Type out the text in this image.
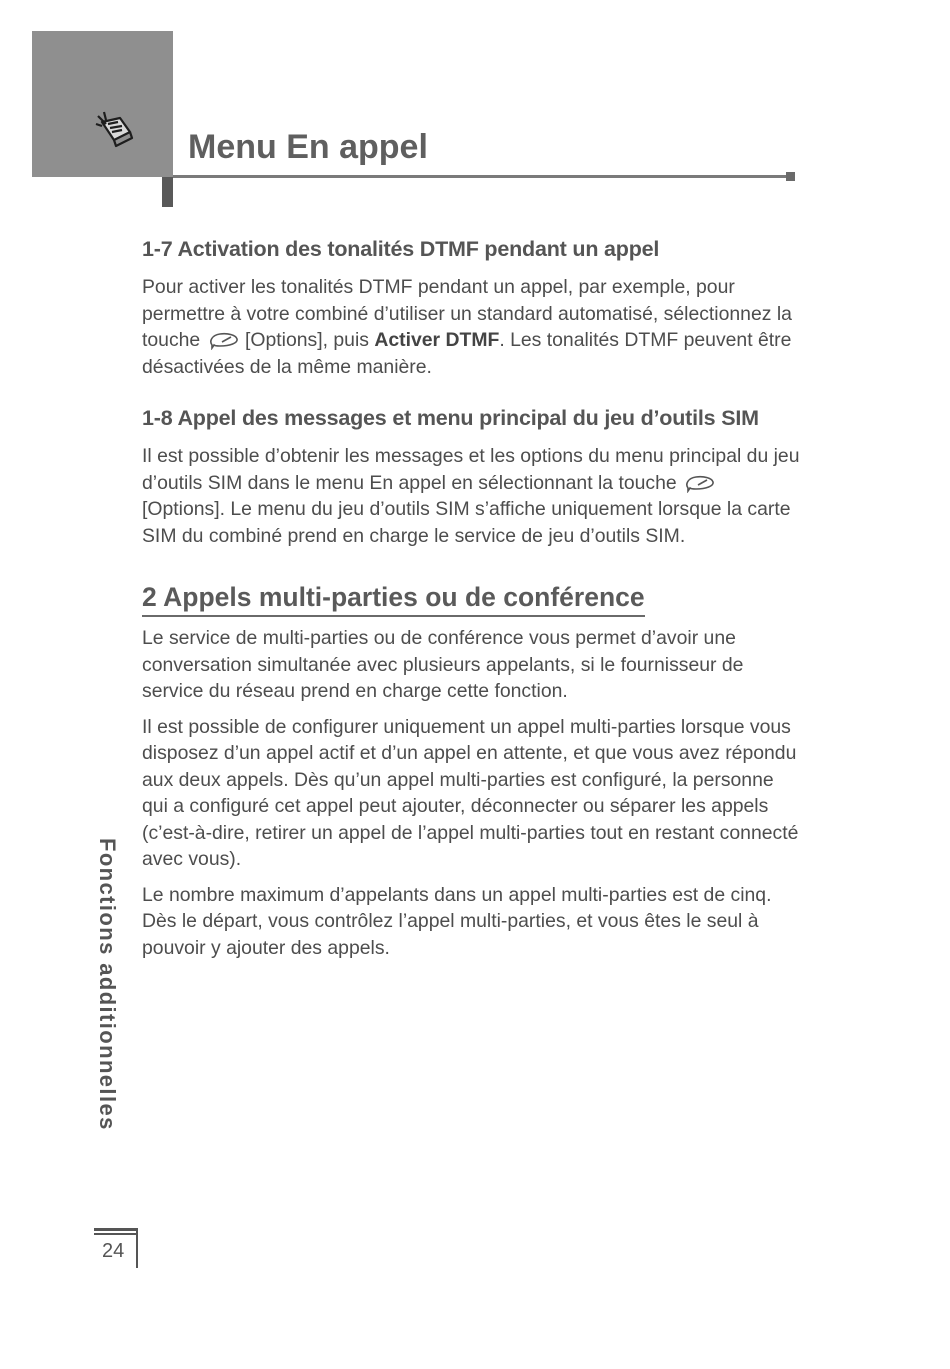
Menu En appel
1-7 Activation des tonalités DTMF pendant un appel

Pour activer les tonalités DTMF pendant un appel, par exemple, pour permettre à votre combiné d’utiliser un standard automatisé, sélectionnez la touche
[Options], puis Activer DTMF. Les tonalités DTMF peuvent être désactivées de la même manière.

1-8 Appel des messages et menu principal du jeu d’outils SIM

Il est possible d’obtenir les messages et les options du menu principal du jeu d’outils SIM dans le menu En appel en sélectionnant la touche
[Options]. Le menu du jeu d’outils SIM s’affiche uniquement lorsque la carte SIM du combiné prend en charge le service de jeu d’outils SIM.

2 Appels multi-parties ou de conférence

Le service de multi-parties ou de conférence vous permet d’avoir une conversation simultanée avec plusieurs appelants, si le fournisseur de service du réseau prend en charge cette fonction.

Il est possible de configurer uniquement un appel multi-parties lorsque vous disposez d’un appel actif et d’un appel en attente, et que vous avez répondu aux deux appels. Dès qu’un appel multi-parties est configuré, la personne qui a configuré cet appel peut ajouter, déconnecter ou séparer les appels (c’est-à-dire, retirer un appel de l’appel multi-parties tout en restant connecté avec vous).

Le nombre maximum d’appelants dans un appel multi-parties est de cinq. Dès le départ, vous contrôlez l’appel multi-parties, et vous êtes le seul à pouvoir y ajouter des appels.

Fonctions additionnelles
24
